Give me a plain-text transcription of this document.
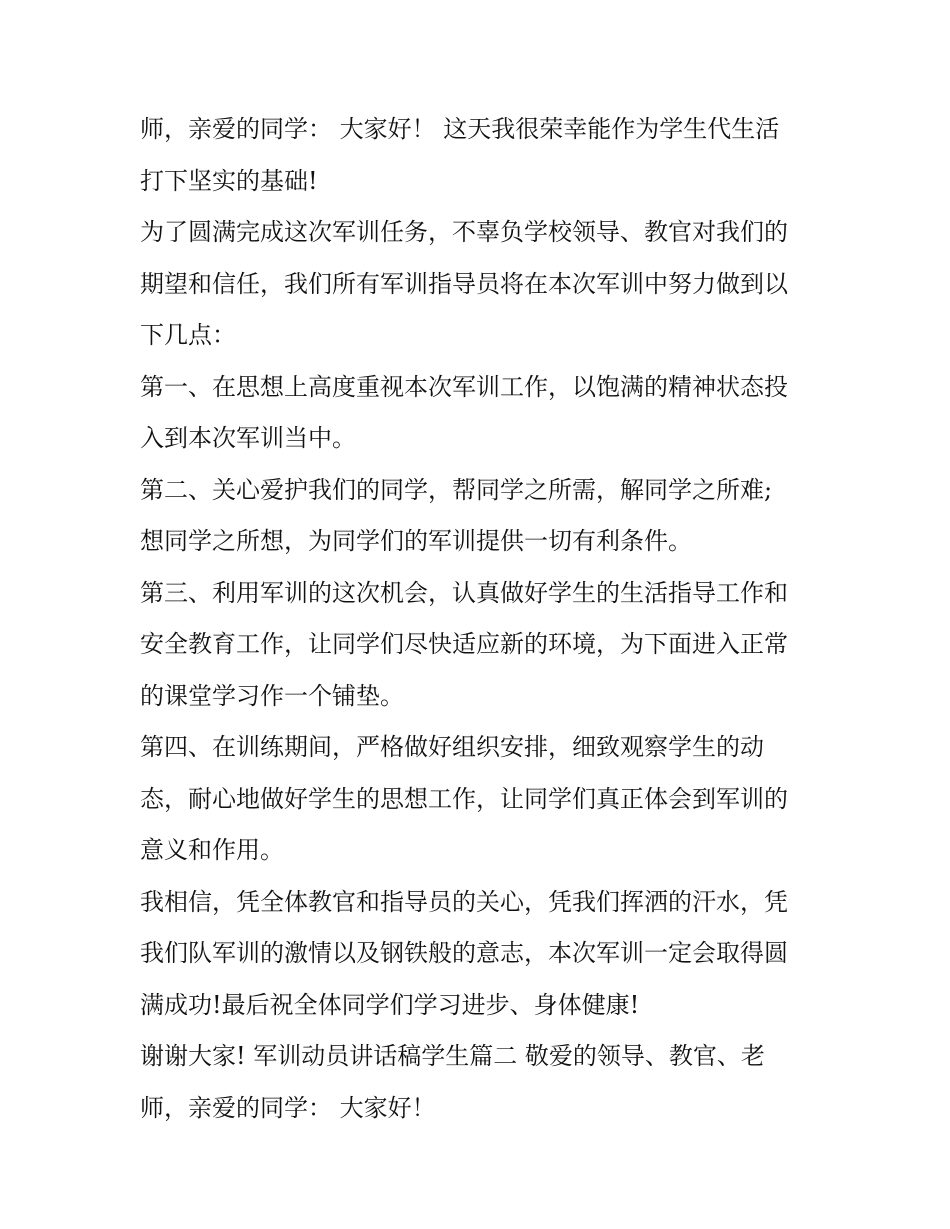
师，亲爱的同学： 大家好！ 这天我很荣幸能作为学生代生活
打下坚实的基础!
为了圆满完成这次军训任务，不辜负学校领导、教官对我们的
期望和信任，我们所有军训指导员将在本次军训中努力做到以
下几点：
第一、在思想上高度重视本次军训工作，以饱满的精神状态投
入到本次军训当中。
第二、关心爱护我们的同学，帮同学之所需，解同学之所难;
想同学之所想，为同学们的军训提供一切有利条件。
第三、利用军训的这次机会，认真做好学生的生活指导工作和
安全教育工作，让同学们尽快适应新的环境，为下面进入正常
的课堂学习作一个铺垫。
第四、在训练期间，严格做好组织安排，细致观察学生的动
态，耐心地做好学生的思想工作，让同学们真正体会到军训的
意义和作用。
我相信，凭全体教官和指导员的关心，凭我们挥洒的汗水，凭
我们队军训的激情以及钢铁般的意志，本次军训一定会取得圆
满成功!最后祝全体同学们学习进步、身体健康!
谢谢大家! 军训动员讲话稿学生篇二 敬爱的领导、教官、老
师，亲爱的同学： 大家好！
